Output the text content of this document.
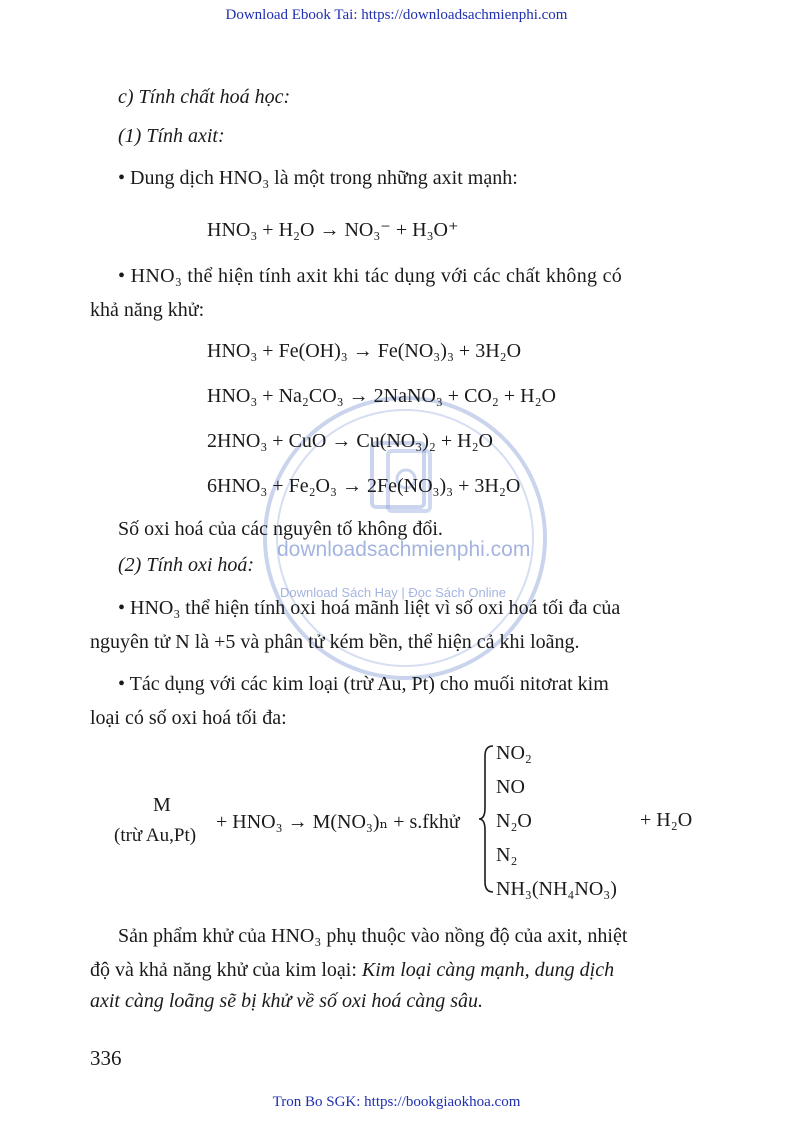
Download Ebook Tai: https://downloadsachmienphi.com
downloadsachmienphi.com
Download Sách Hay | Đọc Sách Online
c) Tính chất hoá học:
(1) Tính axit:
• Dung dịch HNO₃ là một trong những axit mạnh:
HNO₃ + H₂O → NO₃⁻ + H₃O⁺
• HNO₃ thể hiện tính axit khi tác dụng với các chất không có
khả năng khử:
HNO₃ + Fe(OH)₃ → Fe(NO₃)₃ + 3H₂O
HNO₃ + Na₂CO₃ → 2NaNO₃ + CO₂ + H₂O
2HNO₃ + CuO → Cu(NO₃)₂ + H₂O
6HNO₃ + Fe₂O₃ → 2Fe(NO₃)₃ + 3H₂O
Số oxi hoá của các nguyên tố không đổi.
(2) Tính oxi hoá:
• HNO₃ thể hiện tính oxi hoá mãnh liệt vì số oxi hoá tối đa của
nguyên tử N là +5 và phân tử kém bền, thể hiện cả khi loãng.
• Tác dụng với các kim loại (trừ Au, Pt) cho muối nitơrat kim
loại có số oxi hoá tối đa:
M
(trừ Au,Pt)
+ HNO₃ → M(NO₃)ₙ + s.fkhử
NO₂
NO
N₂O
N₂
NH₃(NH₄NO₃)
+ H₂O
Sản phẩm khử của HNO₃ phụ thuộc vào nồng độ của axit, nhiệt
độ và khả năng khử của kim loại: Kim loại càng mạnh, dung dịch
axit càng loãng sẽ bị khử về số oxi hoá càng sâu.
336
Tron Bo SGK: https://bookgiaokhoa.com
